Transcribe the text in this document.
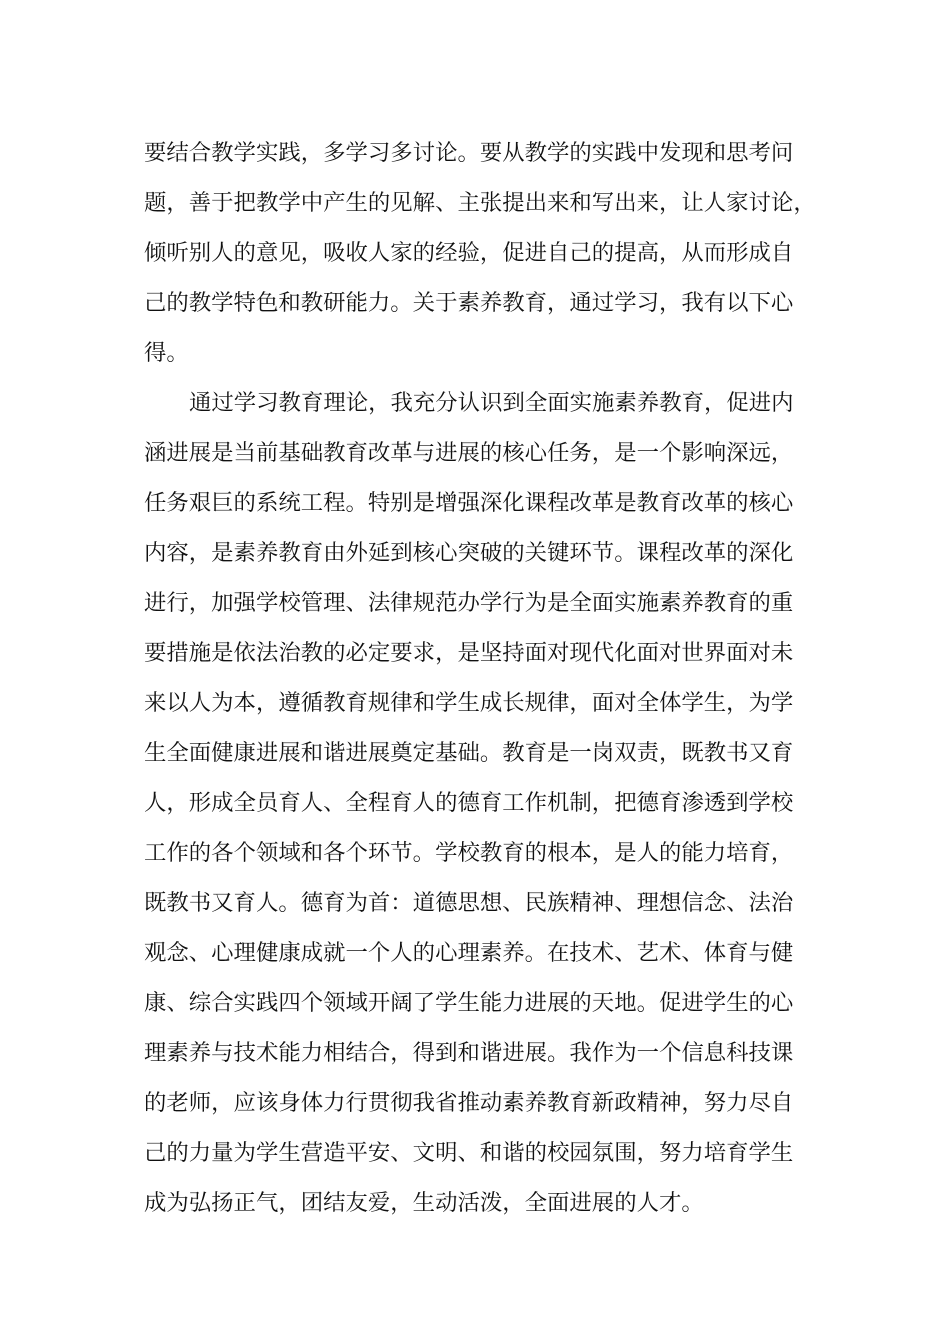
要结合教学实践，多学习多讨论。要从教学的实践中发现和思考问
题，善于把教学中产生的见解、主张提出来和写出来，让人家讨论，
倾听别人的意见，吸收人家的经验，促进自己的提高，从而形成自
己的教学特色和教研能力。关于素养教育，通过学习，我有以下心
得。
通过学习教育理论，我充分认识到全面实施素养教育，促进内
涵进展是当前基础教育改革与进展的核心任务，是一个影响深远，
任务艰巨的系统工程。特别是增强深化课程改革是教育改革的核心
内容，是素养教育由外延到核心突破的关键环节。课程改革的深化
进行，加强学校管理、法律规范办学行为是全面实施素养教育的重
要措施是依法治教的必定要求，是坚持面对现代化面对世界面对未
来以人为本，遵循教育规律和学生成长规律，面对全体学生，为学
生全面健康进展和谐进展奠定基础。教育是一岗双责，既教书又育
人，形成全员育人、全程育人的德育工作机制，把德育渗透到学校
工作的各个领域和各个环节。学校教育的根本，是人的能力培育，
既教书又育人。德育为首：道德思想、民族精神、理想信念、法治
观念、心理健康成就一个人的心理素养。在技术、艺术、体育与健
康、综合实践四个领域开阔了学生能力进展的天地。促进学生的心
理素养与技术能力相结合，得到和谐进展。我作为一个信息科技课
的老师，应该身体力行贯彻我省推动素养教育新政精神，努力尽自
己的力量为学生营造平安、文明、和谐的校园氛围，努力培育学生
成为弘扬正气，团结友爱，生动活泼，全面进展的人才。
